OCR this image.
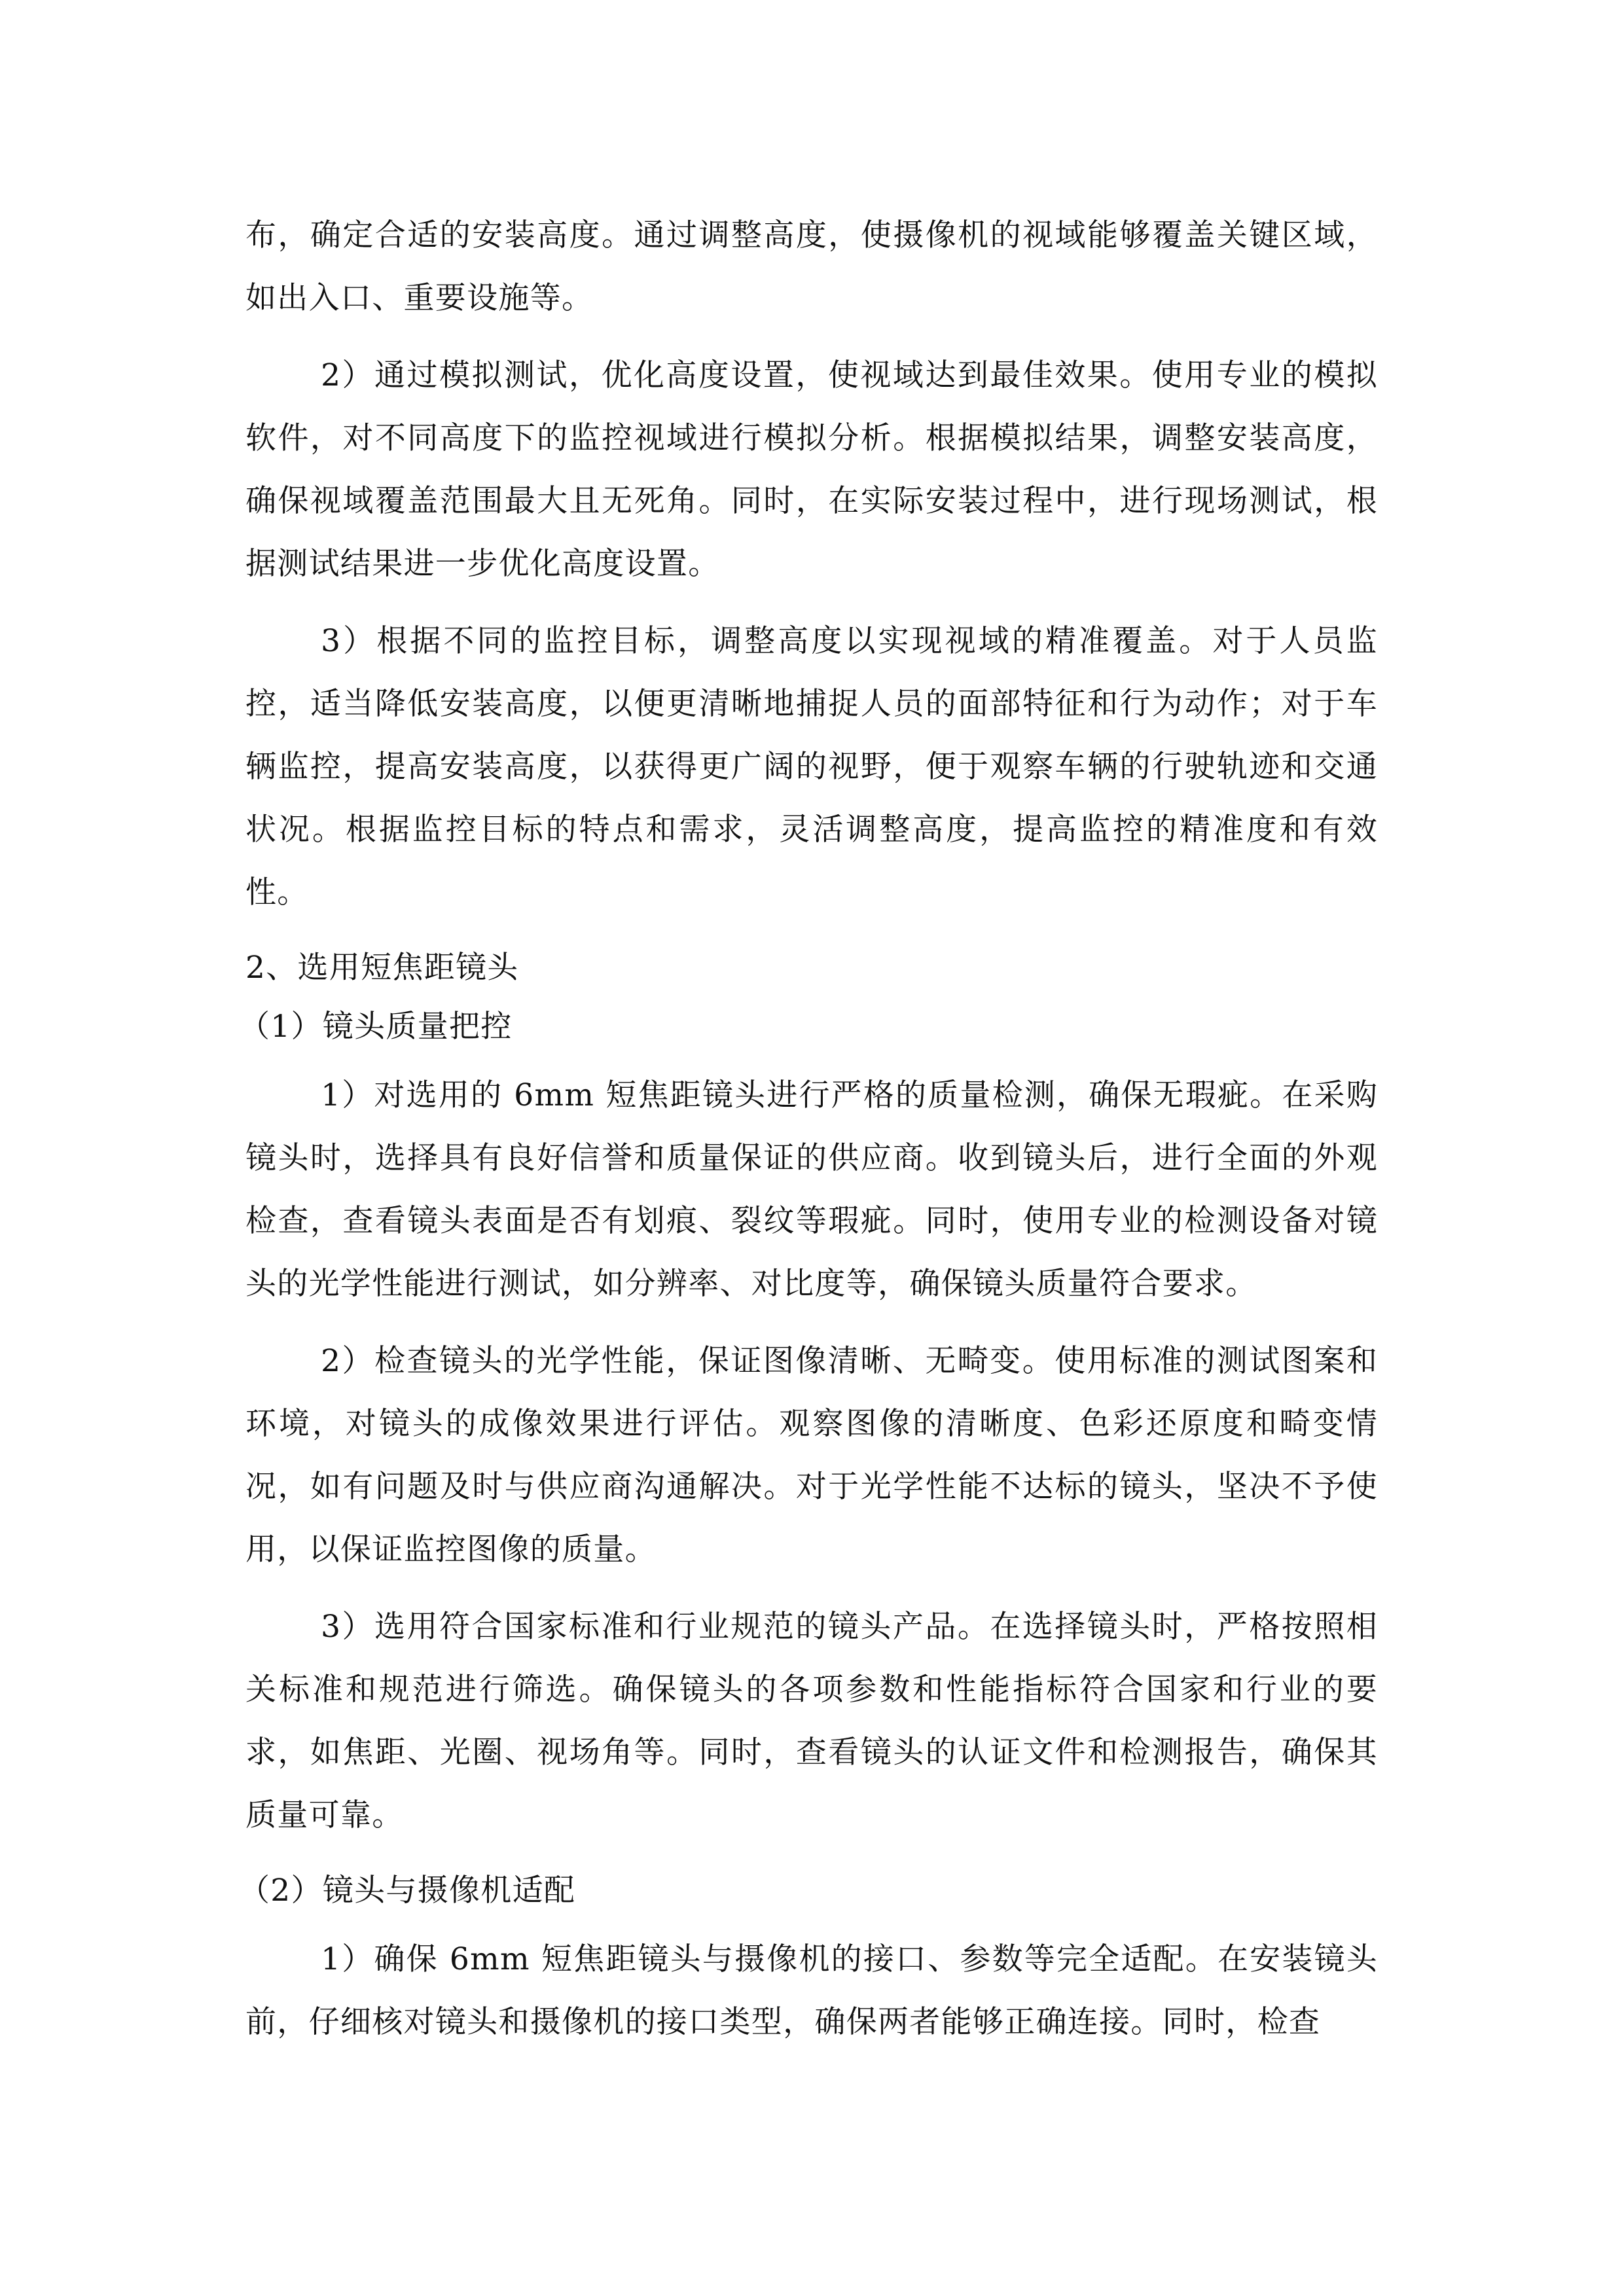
布，确定合适的安装高度。通过调整高度，使摄像机的视域能够覆盖关键区域，如出入口、重要设施等。

2）通过模拟测试，优化高度设置，使视域达到最佳效果。使用专业的模拟软件，对不同高度下的监控视域进行模拟分析。根据模拟结果，调整安装高度，确保视域覆盖范围最大且无死角。同时，在实际安装过程中，进行现场测试，根据测试结果进一步优化高度设置。

3）根据不同的监控目标，调整高度以实现视域的精准覆盖。对于人员监控，适当降低安装高度，以便更清晰地捕捉人员的面部特征和行为动作；对于车辆监控，提高安装高度，以获得更广阔的视野，便于观察车辆的行驶轨迹和交通状况。根据监控目标的特点和需求，灵活调整高度，提高监控的精准度和有效性。

2、选用短焦距镜头

（1）镜头质量把控

1）对选用的 6mm 短焦距镜头进行严格的质量检测，确保无瑕疵。在采购镜头时，选择具有良好信誉和质量保证的供应商。收到镜头后，进行全面的外观检查，查看镜头表面是否有划痕、裂纹等瑕疵。同时，使用专业的检测设备对镜头的光学性能进行测试，如分辨率、对比度等，确保镜头质量符合要求。

2）检查镜头的光学性能，保证图像清晰、无畸变。使用标准的测试图案和环境，对镜头的成像效果进行评估。观察图像的清晰度、色彩还原度和畸变情况，如有问题及时与供应商沟通解决。对于光学性能不达标的镜头，坚决不予使用，以保证监控图像的质量。

3）选用符合国家标准和行业规范的镜头产品。在选择镜头时，严格按照相关标准和规范进行筛选。确保镜头的各项参数和性能指标符合国家和行业的要求，如焦距、光圈、视场角等。同时，查看镜头的认证文件和检测报告，确保其质量可靠。

（2）镜头与摄像机适配

1）确保 6mm 短焦距镜头与摄像机的接口、参数等完全适配。在安装镜头前，仔细核对镜头和摄像机的接口类型，确保两者能够正确连接。同时，检查
